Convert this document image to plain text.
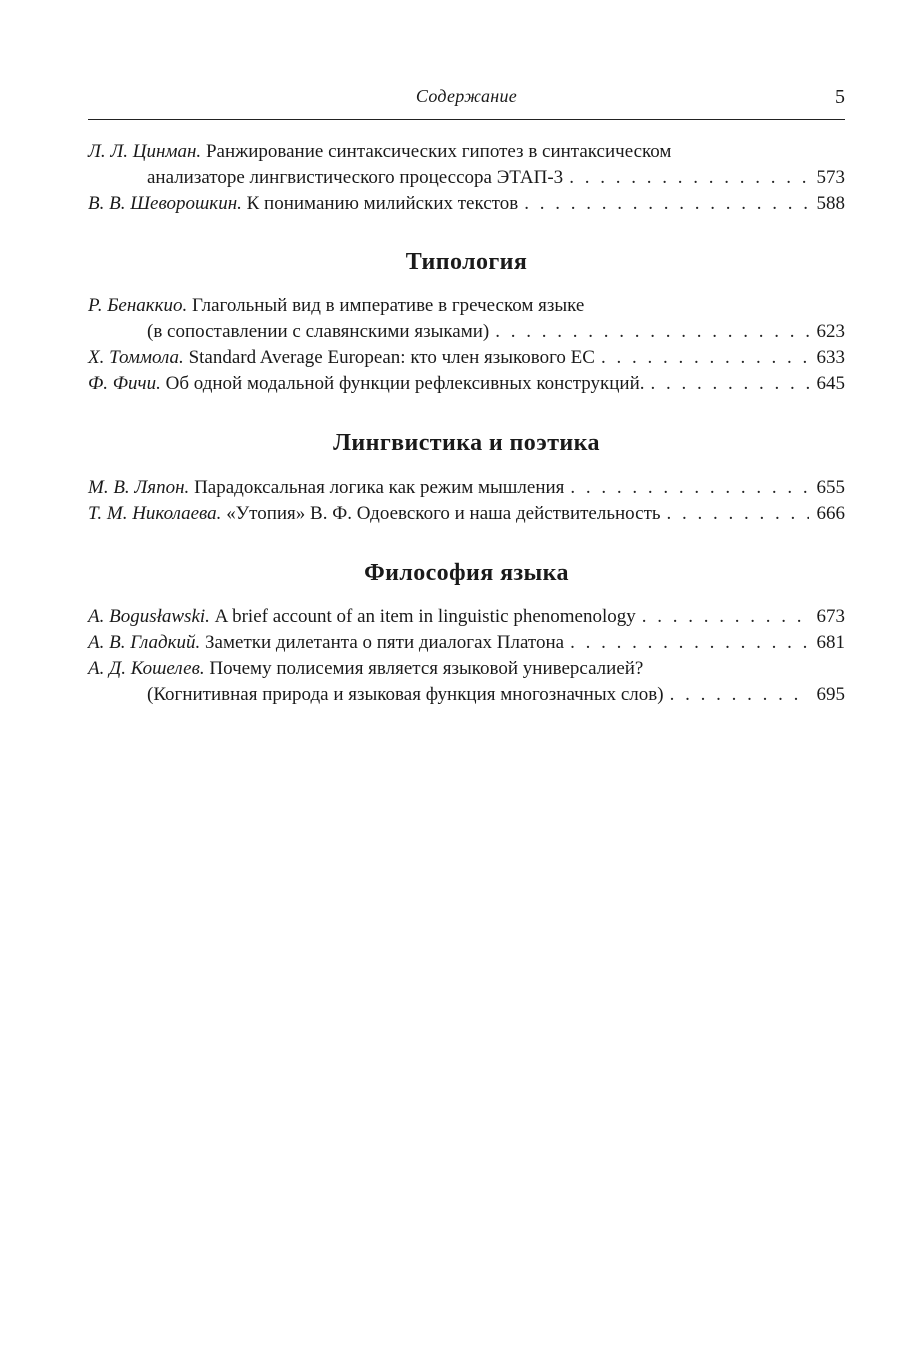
Содержание	5
Л. Л. Цинман.
Ранжирование синтаксических гипотез в синтаксическом
анализаторе лингвистического процессора ЭТАП-3 . . .	573
В. В. Шеворошкин.
К пониманию милийских текстов . . .	588
Типология
Р. Бенаккио.
Глагольный вид в императиве в греческом языке
(в сопоставлении с славянскими языками) . . .	623
Х. Томмола.
Standard Average European: кто член языкового ЕС . . .	633
Ф. Фичи.
Об одной модальной функции рефлексивных конструкций. . . .	645
Лингвистика и поэтика
М. В. Ляпон.
Парадоксальная логика как режим мышления . . .	655
Т. М. Николаева.
«Утопия» В. Ф. Одоевского и наша действительность . . .	666
Философия языка
A. Bogusławski.
A brief account of an item in linguistic phenomenology . . .	673
А. В. Гладкий.
Заметки дилетанта о пяти диалогах Платона . . .	681
А. Д. Кошелев.
Почему полисемия является языковой универсалией?
(Когнитивная природа и языковая функция многозначных слов) . . .	695
